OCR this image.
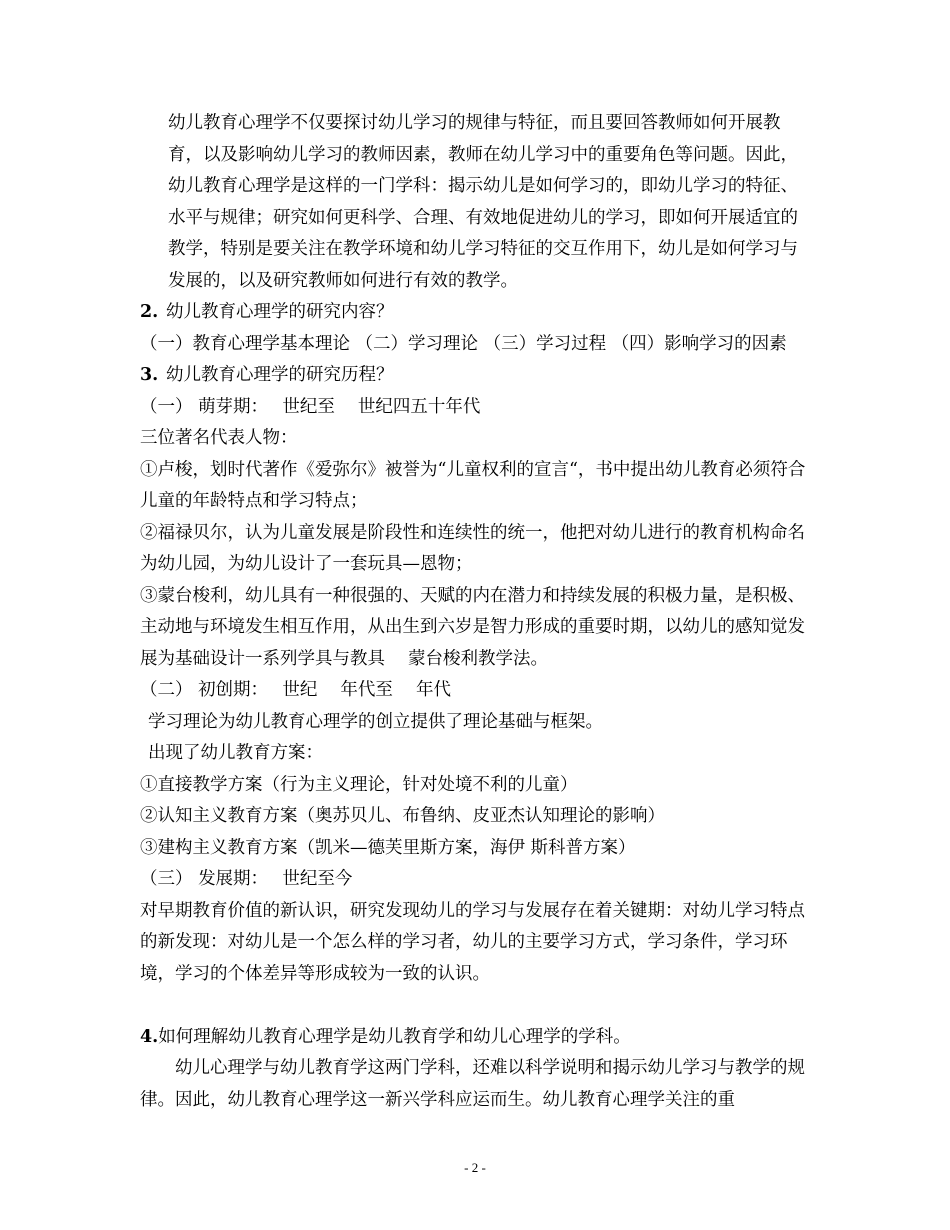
幼儿教育心理学不仅要探讨幼儿学习的规律与特征，而且要回答教师如何开展教育，以及影响幼儿学习的教师因素，教师在幼儿学习中的重要角色等问题。因此，幼儿教育心理学是这样的一门学科：揭示幼儿是如何学习的，即幼儿学习的特征、水平与规律；研究如何更科学、合理、有效地促进幼儿的学习，即如何开展适宜的教学，特别是要关注在教学环境和幼儿学习特征的交互作用下，幼儿是如何学习与发展的，以及研究教师如何进行有效的教学。

2. 幼儿教育心理学的研究内容？

（一）教育心理学基本理论 （二）学习理论 （三）学习过程 （四）影响学习的因素

3. 幼儿教育心理学的研究历程？

（一） 萌芽期：　 世纪至　 世纪四五十年代

三位著名代表人物：

①卢梭，划时代著作《爱弥尔》被誉为“儿童权利的宣言“，书中提出幼儿教育必须符合儿童的年龄特点和学习特点；

②福禄贝尔，认为儿童发展是阶段性和连续性的统一，他把对幼儿进行的教育机构命名为幼儿园，为幼儿设计了一套玩具—恩物；

③蒙台梭利，幼儿具有一种很强的、天赋的内在潜力和持续发展的积极力量，是积极、主动地与环境发生相互作用，从出生到六岁是智力形成的重要时期，以幼儿的感知觉发展为基础设计一系列学具与教具　 蒙台梭利教学法。

（二） 初创期：　 世纪　 年代至　 年代

学习理论为幼儿教育心理学的创立提供了理论基础与框架。

出现了幼儿教育方案：

①直接教学方案（行为主义理论，针对处境不利的儿童）

②认知主义教育方案（奥苏贝儿、布鲁纳、皮亚杰认知理论的影响）

③建构主义教育方案（凯米—德芙里斯方案，海伊 斯科普方案）

（三） 发展期：　 世纪至今

对早期教育价值的新认识，研究发现幼儿的学习与发展存在着关键期：对幼儿学习特点的新发现：对幼儿是一个怎么样的学习者，幼儿的主要学习方式，学习条件，学习环境，学习的个体差异等形成较为一致的认识。

4.如何理解幼儿教育心理学是幼儿教育学和幼儿心理学的学科。

幼儿心理学与幼儿教育学这两门学科，还难以科学说明和揭示幼儿学习与教学的规律。因此，幼儿教育心理学这一新兴学科应运而生。幼儿教育心理学关注的重

- 2 -
